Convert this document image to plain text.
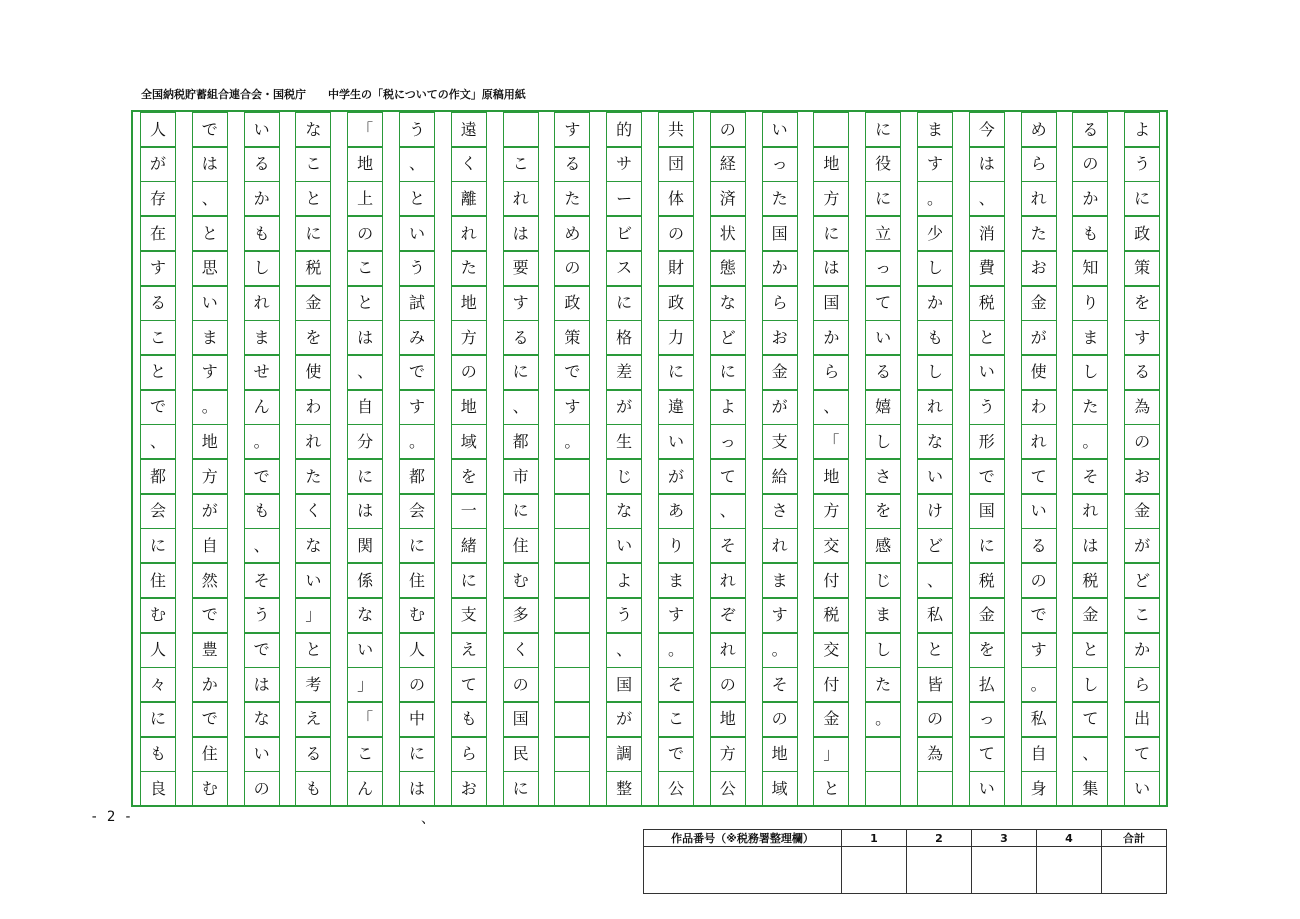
全国納税貯蓄組合連合会・国税庁 中学生の「税についての作文」原稿用紙
よ
う
に
政
策
を
す
る
為
の
お
金
が
ど
こ
か
ら
出
て
い
る
の
か
も
知
り
ま
し
た
。
そ
れ
は
税
金
と
し
て
、
集
め
ら
れ
た
お
金
が
使
わ
れ
て
い
る
の
で
す
。
私
自
身
今
は
、
消
費
税
と
い
う
形
で
国
に
税
金
を
払
っ
て
い
ま
す
。
少
し
か
も
し
れ
な
い
け
ど
、
私
と
皆
の
為
に
役
に
立
っ
て
い
る
嬉
し
さ
を
感
じ
ま
し
た
。

地
方
に
は
国
か
ら
、
「
地
方
交
付
税
交
付
金
」
と
い
っ
た
国
か
ら
お
金
が
支
給
さ
れ
ま
す
。
そ
の
地
域
の
経
済
状
態
な
ど
に
よ
っ
て
、
そ
れ
ぞ
れ
の
地
方
公
共
団
体
の
財
政
力
に
違
い
が
あ
り
ま
す
。
そ
こ
で
公
的
サ
ー
ビ
ス
に
格
差
が
生
じ
な
い
よ
う
、
国
が
調
整
す
る
た
め
の
政
策
で
す
。

こ
れ
は
要
す
る
に
、
都
市
に
住
む
多
く
の
国
民
に
遠
く
離
れ
た
地
方
の
地
域
を
一
緒
に
支
え
て
も
ら
お
う
、
と
い
う
試
み
で
す
。
都
会
に
住
む
人
の
中
に
は
「
地
上
の
こ
と
は
、
自
分
に
は
関
係
な
い
」
「
こ
ん
な
こ
と
に
税
金
を
使
わ
れ
た
く
な
い
」
と
考
え
る
も
い
る
か
も
し
れ
ま
せ
ん
。
で
も
、
そ
う
で
は
な
い
の
で
は
、
と
思
い
ま
す
。
地
方
が
自
然
で
豊
か
で
住
む
人
が
存
在
す
る
こ
と
で
、
都
会
に
住
む
人
々
に
も
良
- 2 -	、
作品番号（※税務署整理欄）	1	2	3	4	合計
